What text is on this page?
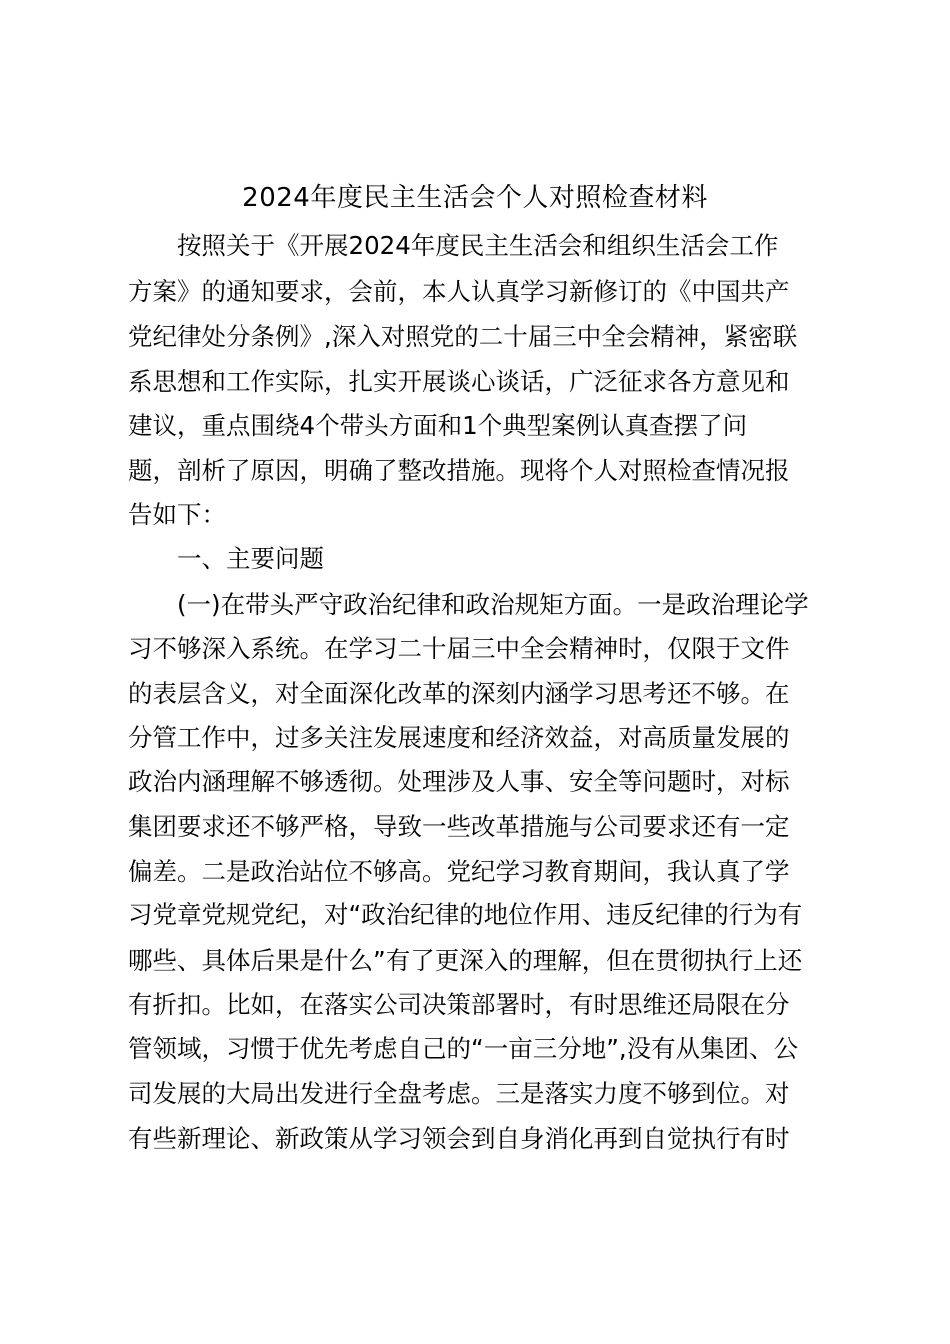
2024年度民主生活会个人对照检查材料
　　按照关于《开展2024年度民主生活会和组织生活会工作
方案》的通知要求，会前，本人认真学习新修订的《中国共产
党纪律处分条例》,深入对照党的二十届三中全会精神，紧密联
系思想和工作实际，扎实开展谈心谈话，广泛征求各方意见和
建议，重点围绕4个带头方面和1个典型案例认真查摆了问
题，剖析了原因，明确了整改措施。现将个人对照检查情况报
告如下：
　　一、主要问题
　　(一)在带头严守政治纪律和政治规矩方面。一是政治理论学
习不够深入系统。在学习二十届三中全会精神时，仅限于文件
的表层含义，对全面深化改革的深刻内涵学习思考还不够。在
分管工作中，过多关注发展速度和经济效益，对高质量发展的
政治内涵理解不够透彻。处理涉及人事、安全等问题时，对标
集团要求还不够严格，导致一些改革措施与公司要求还有一定
偏差。二是政治站位不够高。党纪学习教育期间，我认真了学
习党章党规党纪，对“政治纪律的地位作用、违反纪律的行为有
哪些、具体后果是什么”有了更深入的理解，但在贯彻执行上还
有折扣。比如，在落实公司决策部署时，有时思维还局限在分
管领域，习惯于优先考虑自己的“一亩三分地”,没有从集团、公
司发展的大局出发进行全盘考虑。三是落实力度不够到位。对
有些新理论、新政策从学习领会到自身消化再到自觉执行有时
